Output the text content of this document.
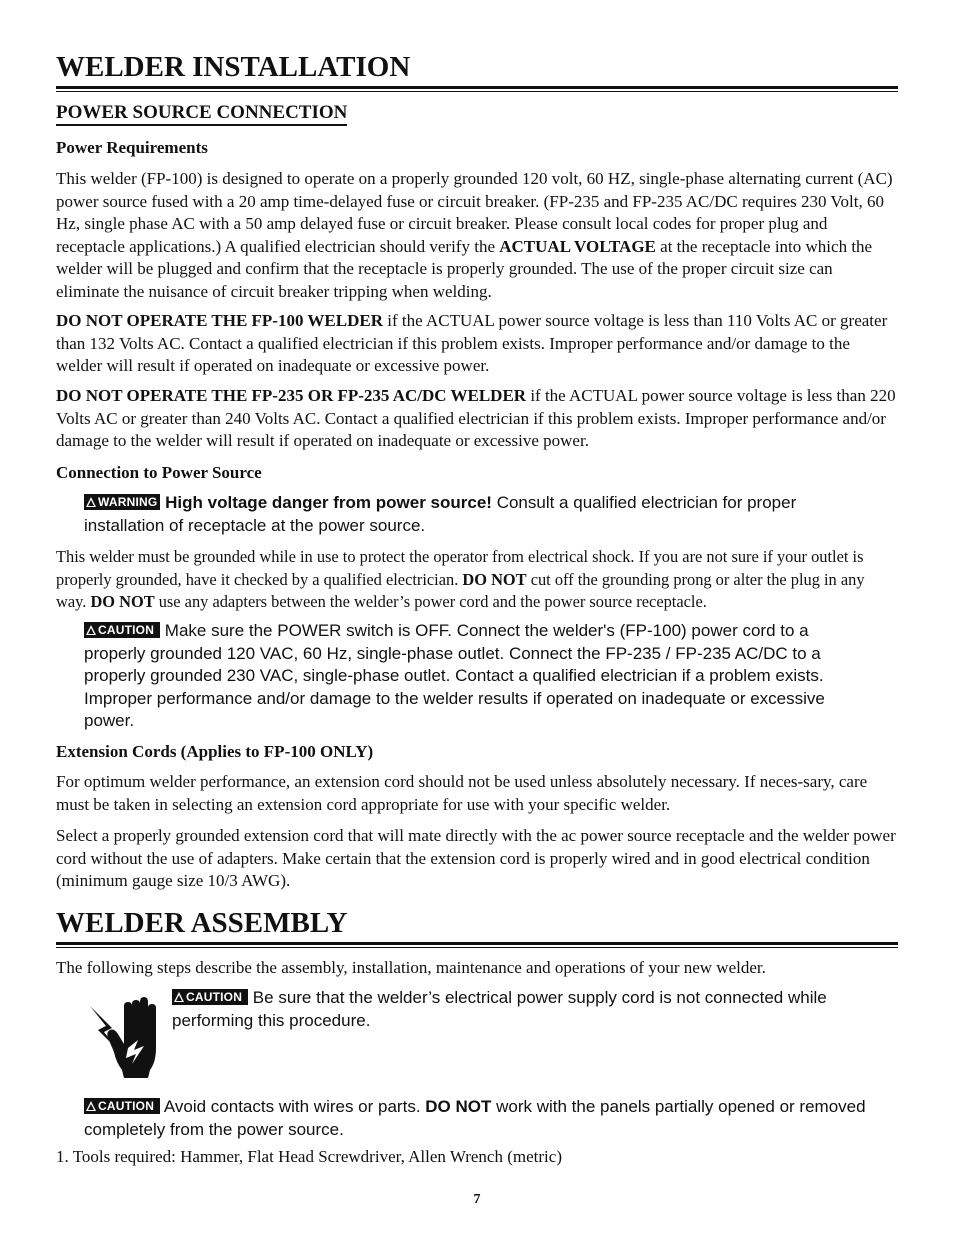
WELDER INSTALLATION
POWER SOURCE CONNECTION
Power Requirements

This welder (FP-100) is designed to operate on a properly grounded 120 volt, 60 HZ, single-phase alternating current (AC) power source fused with a 20 amp time-delayed fuse or circuit breaker. (FP-235 and FP-235 AC/DC requires 230 Volt, 60 Hz, single phase AC with a 50 amp delayed fuse or circuit breaker. Please consult local codes for proper plug and receptacle applications.) A qualified electrician should verify the ACTUAL VOLTAGE at the receptacle into which the welder will be plugged and confirm that the receptacle is properly grounded. The use of the proper circuit size can eliminate the nuisance of circuit breaker tripping when welding.

DO NOT OPERATE THE FP-100 WELDER if the ACTUAL power source voltage is less than 110 Volts AC or greater than 132 Volts AC. Contact a qualified electrician if this problem exists. Improper performance and/or damage to the welder will result if operated on inadequate or excessive power.

DO NOT OPERATE THE FP-235 OR FP-235 AC/DC WELDER if the ACTUAL power source voltage is less than 220 Volts AC or greater than 240 Volts AC. Contact a qualified electrician if this problem exists. Improper performance and/or damage to the welder will result if operated on inadequate or excessive power.

Connection to Power Source
WARNING High voltage danger from power source! Consult a qualified electrician for proper installation of receptacle at the power source.

This welder must be grounded while in use to protect the operator from electrical shock. If you are not sure if your outlet is properly grounded, have it checked by a qualified electrician. DO NOT cut off the grounding prong or alter the plug in any way. DO NOT use any adapters between the welder’s power cord and the power source receptacle.

CAUTION Make sure the POWER switch is OFF. Connect the welder's (FP-100) power cord to a properly grounded 120 VAC, 60 Hz, single-phase outlet. Connect the FP-235 / FP-235 AC/DC to a properly grounded 230 VAC, single-phase outlet. Contact a qualified electrician if a problem exists. Improper performance and/or damage to the welder results if operated on inadequate or excessive power.
Extension Cords (Applies to FP-100 ONLY)

For optimum welder performance, an extension cord should not be used unless absolutely necessary. If neces-sary, care must be taken in selecting an extension cord appropriate for use with your specific welder.

Select a properly grounded extension cord that will mate directly with the ac power source receptacle and the welder power cord without the use of adapters. Make certain that the extension cord is properly wired and in good electrical condition (minimum gauge size 10/3 AWG).

WELDER ASSEMBLY

The following steps describe the assembly, installation, maintenance and operations of your new welder.

CAUTION Be sure that the welder’s electrical power supply cord is not connected while performing this procedure.
CAUTION Avoid contacts with wires or parts. DO NOT work with the panels partially opened or removed completely from the power source.

1. Tools required: Hammer, Flat Head Screwdriver, Allen Wrench (metric)

7
